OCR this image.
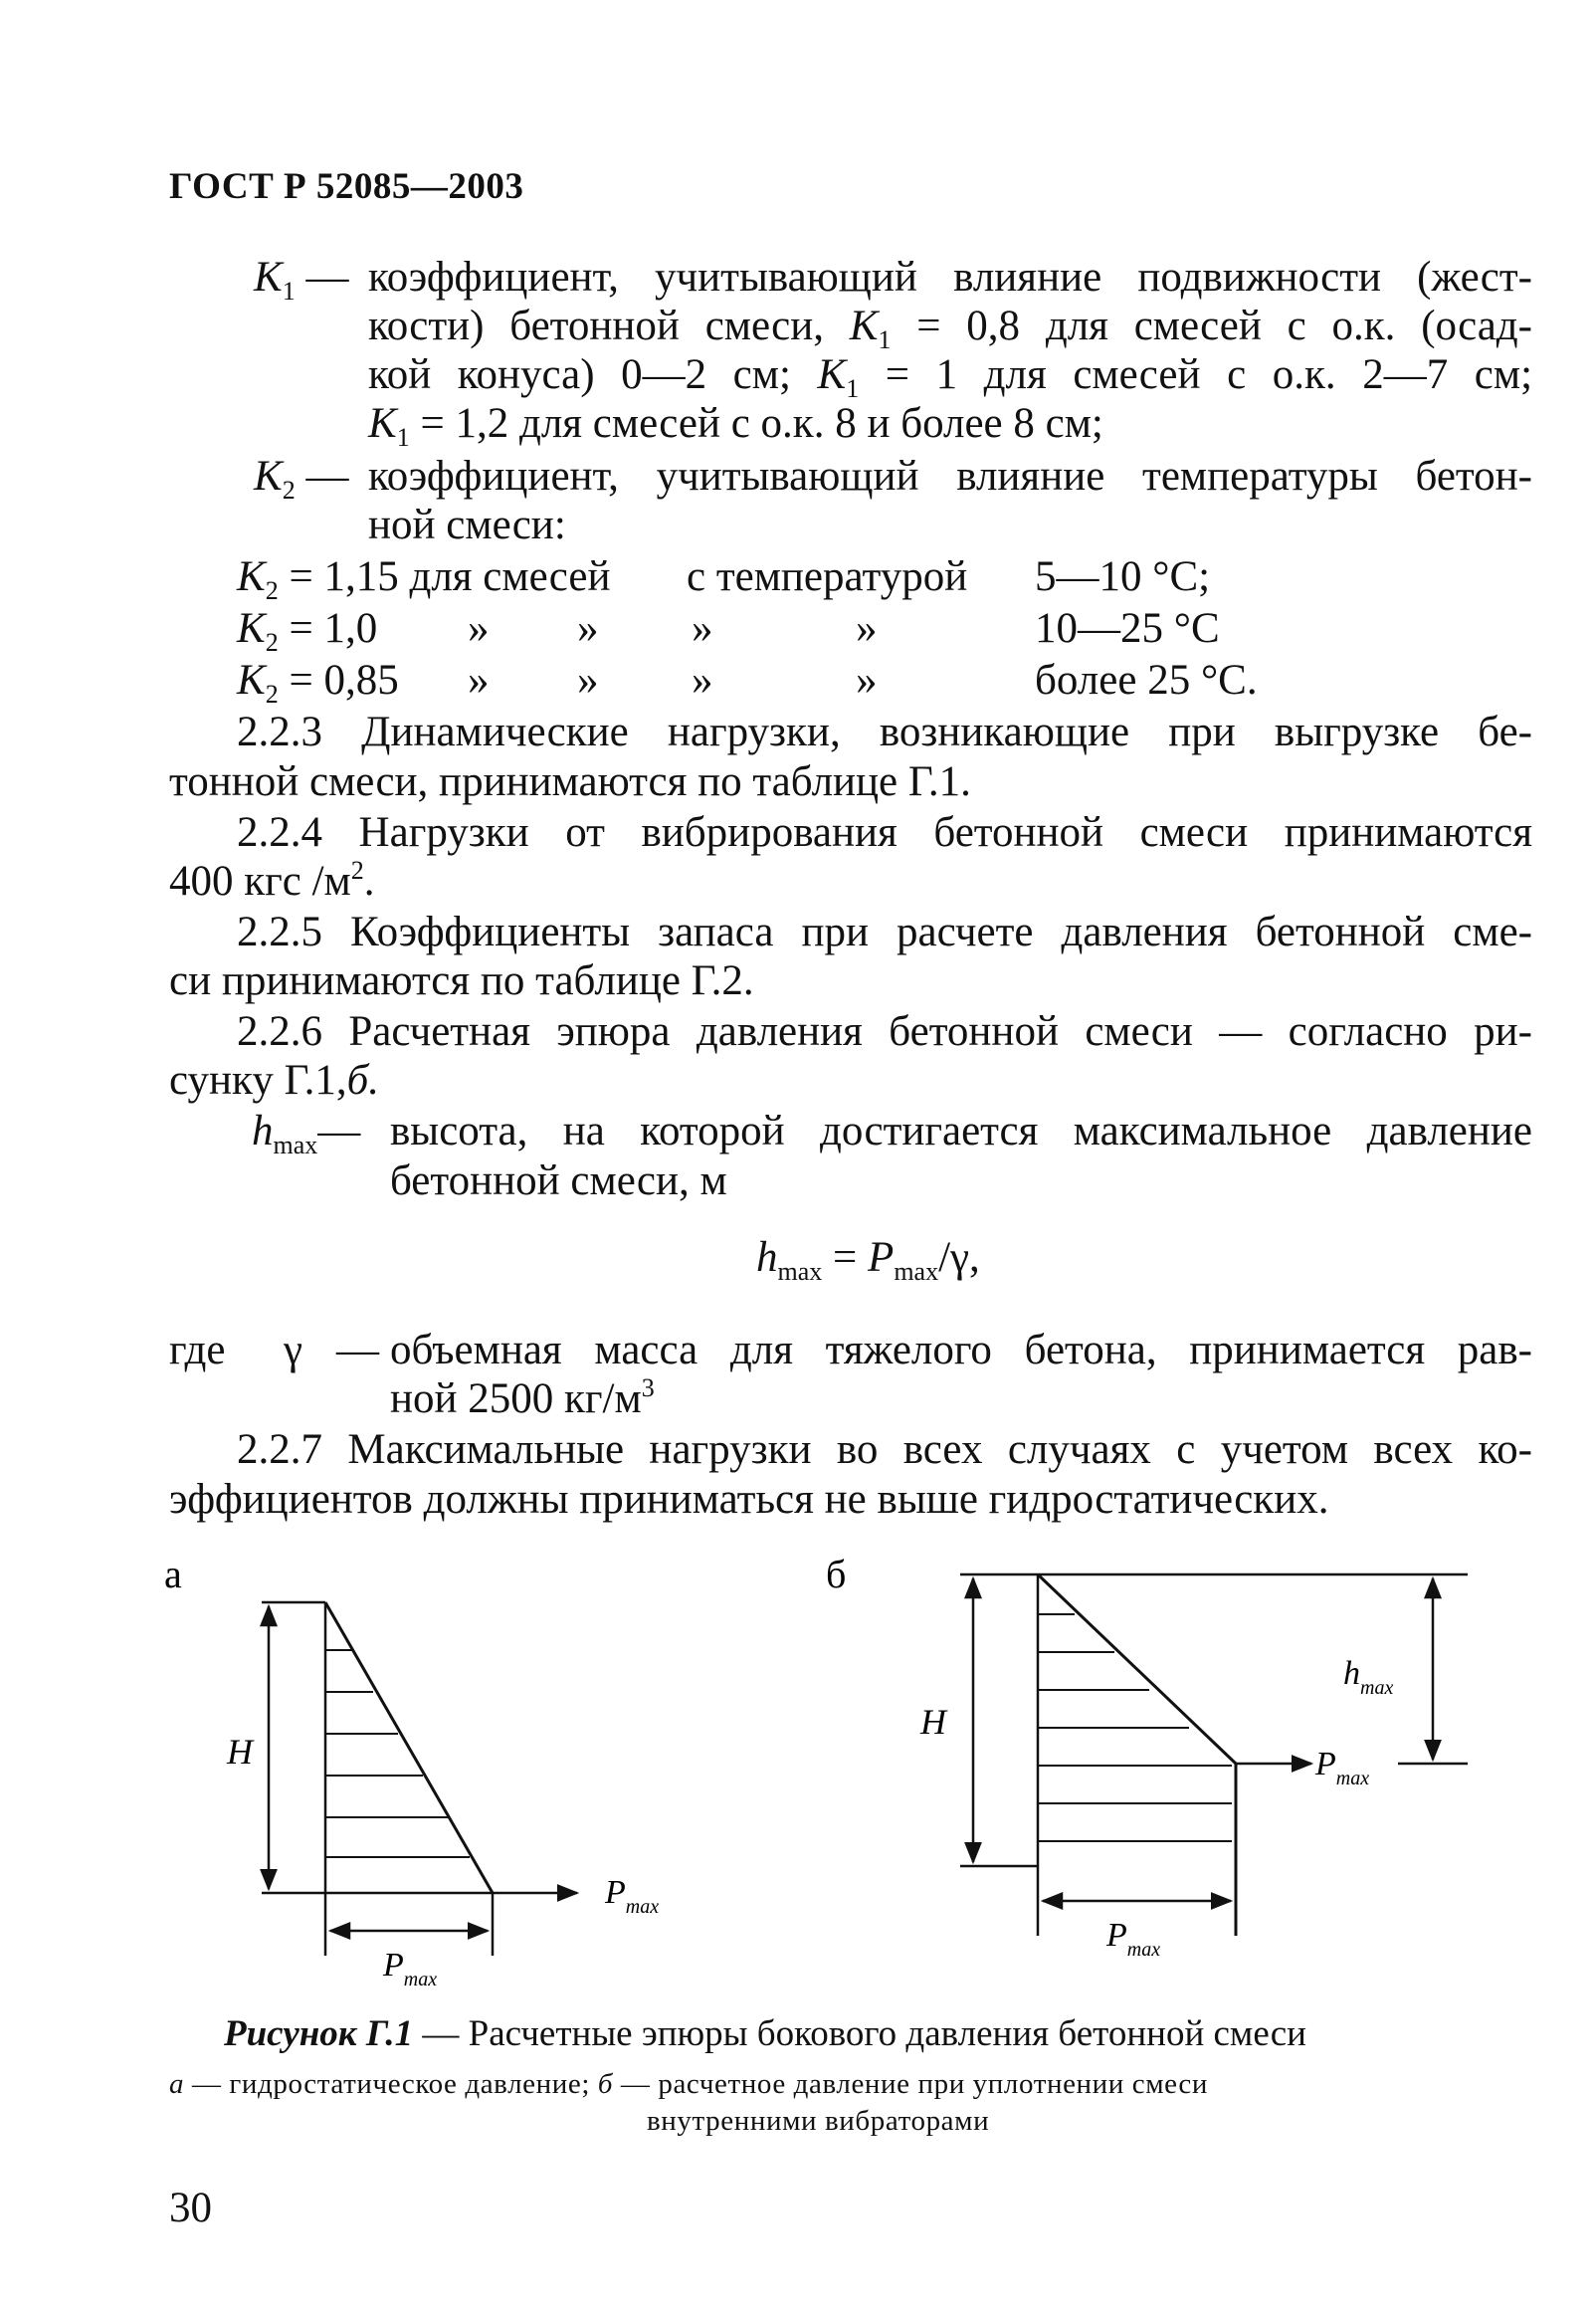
ГОСТ Р 52085—2003
$K_1$ — коэффициент, учитывающий влияние подвижности (жест-
кости) бетонной смеси, $K_1 = 0,8$ для смесей с о.к. (осад-
кой конуса) 0—2 см; $K_1 = 1$ для смесей с о.к. 2—7 см;
$K_1 = 1,2$ для смесей с о.к. 8 и более 8 см;
$K_2$ — коэффициент, учитывающий влияние температуры бетон-
ной смеси:
$K_2 = 1,15$ для смесей с температурой 5—10 °С;
$K_2 = 1,0$ » » »	»	10—25 °С
$K_2 = 0,85$ » » »	»	более 25 °С.
2.2.3 Динамические нагрузки, возникающие при выгрузке бе-
тонной смеси, принимаются по таблице Г.1.
2.2.4 Нагрузки от вибрирования бетонной смеси принимаются
400 кгс $/м^2$.
2.2.5 Коэффициенты запаса при расчете давления бетонной сме-
си принимаются по таблице Г.2.
2.2.6 Расчетная эпюра давления бетонной смеси — согласно ри-
сунку Г.1,б.
$h_{max}—$ высота, на которой достигается максимальное давление
бетонной смеси, м
$h_{max} = P_{max}/\gamma$,
где γ — объемная масса для тяжелого бетона, принимается рав-
ной 2500 $кг/м^3$
2.2.7 Максимальные нагрузки во всех случаях с учетом всех ко-
эффициентов должны приниматься не выше гидростатических.
а
H
$P_{max}$
$P_{max}$
б
H
$h_{max}$
$P_{max}$
$P_{max}$
Рисунок Г.1 — Расчетные эпюры бокового давления бетонной смеси
а — гидростатическое давление; б — расчетное давление при уплотнении смеси
внутренними вибраторами
30
